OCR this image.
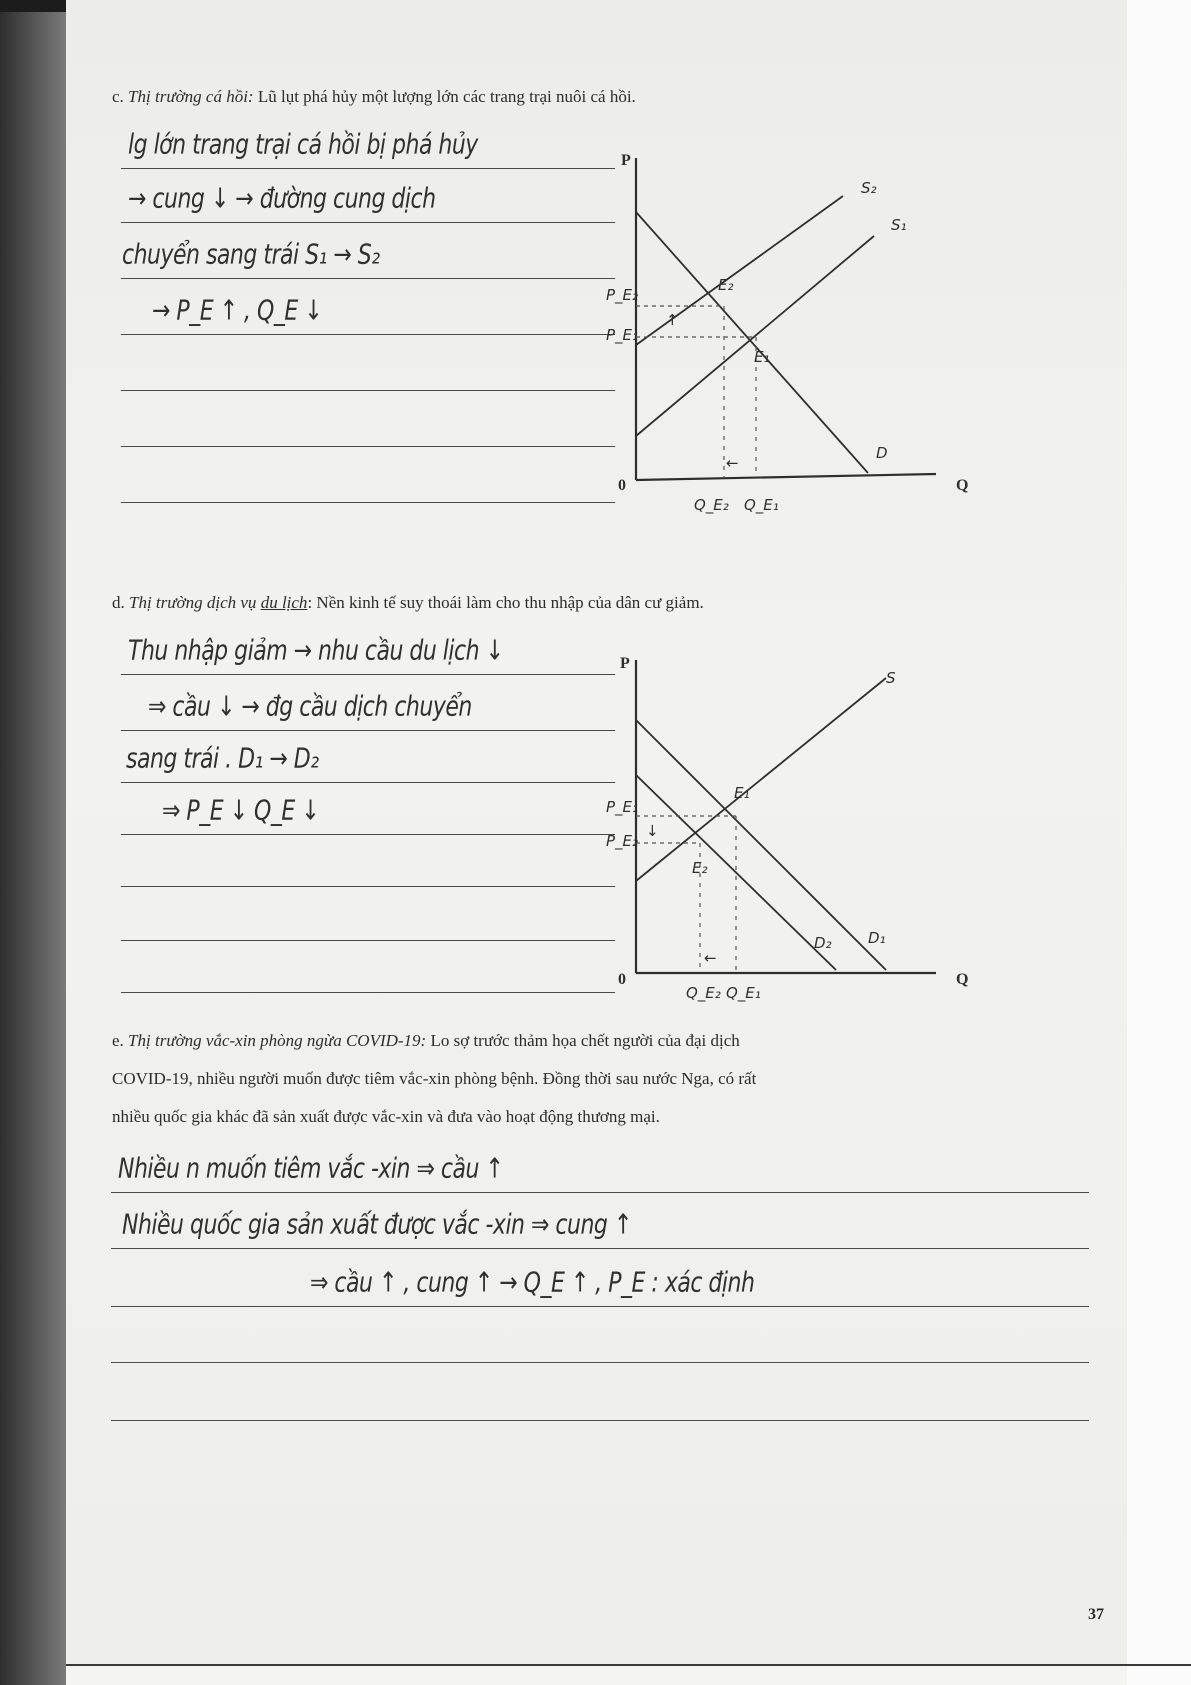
c. Thị trường cá hồi: Lũ lụt phá hủy một lượng lớn các trang trại nuôi cá hồi.
lg lớn trang trại cá hồi bị phá hủy
→ cung ↓ → đường cung dịch
chuyển sang trái S₁ → S₂
→ P_E ↑ , Q_E ↓
P
Q
0
S₂
S₁
D
E₂
E₁
P_E₂
P_E₁
Q_E₂ Q_E₁
↑
←
d. Thị trường dịch vụ du lịch: Nền kinh tế suy thoái làm cho thu nhập của dân cư giảm.
Thu nhập giảm → nhu cầu du lịch ↓
⇒ cầu ↓ → đg cầu dịch chuyển
sang trái . D₁ → D₂
⇒ P_E ↓ Q_E ↓
P
Q
0
S
D₁
D₂
E₁
E₂
P_E₁
P_E₂
Q_E₂ Q_E₁
↓
←
e. Thị trường vắc-xin phòng ngừa COVID-19: Lo sợ trước thảm họa chết người của đại dịch
COVID-19, nhiều người muốn được tiêm vắc-xin phòng bệnh. Đồng thời sau nước Nga, có rất
nhiều quốc gia khác đã sản xuất được vắc-xin và đưa vào hoạt động thương mại.
Nhiều n muốn tiêm vắc -xin ⇒ cầu ↑
Nhiều quốc gia sản xuất được vắc -xin ⇒ cung ↑
⇒ cầu ↑ , cung ↑ → Q_E ↑ , P_E : xác định
37
